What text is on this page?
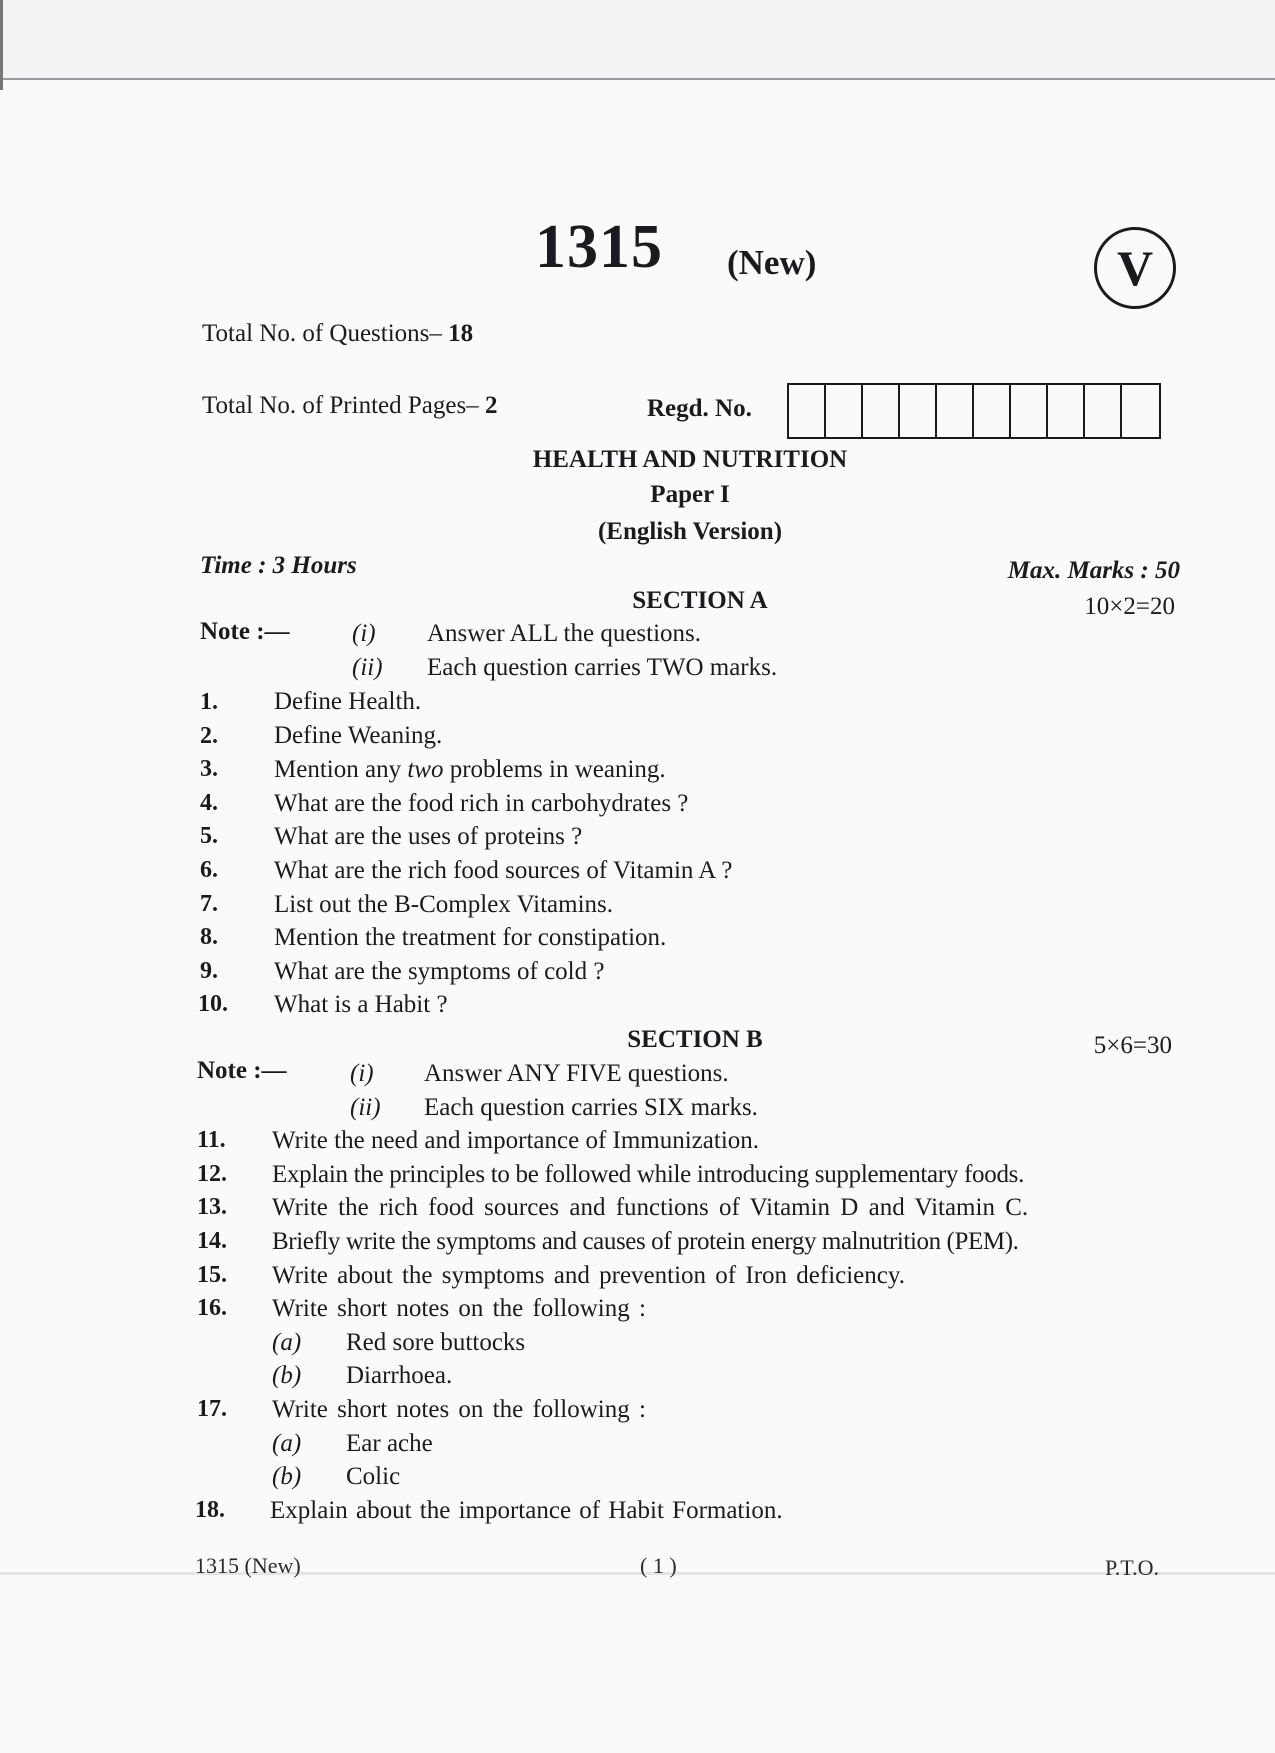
1315 (New)	V
Total No. of Questions– 18
Total No. of Printed Pages– 2	Regd. No.
HEALTH AND NUTRITION
Paper I
(English Version)
Time : 3 Hours	Max. Marks : 50
SECTION A	10×2=20
Note :— (i) Answer ALL the questions.
(ii) Each question carries TWO marks.
1. Define Health.
2. Define Weaning.
3. Mention any two problems in weaning.
4. What are the food rich in carbohydrates ?
5. What are the uses of proteins ?
6. What are the rich food sources of Vitamin A ?
7. List out the B-Complex Vitamins.
8. Mention the treatment for constipation.
9. What are the symptoms of cold ?
10. What is a Habit ?
SECTION B	5×6=30
Note :—	(i) Answer ANY FIVE questions.
(ii) Each question carries SIX marks.
11. Write the need and importance of Immunization.
12. Explain the principles to be followed while introducing supplementary foods.
13. Write the rich food sources and functions of Vitamin D and Vitamin C.
14. Briefly write the symptoms and causes of protein energy malnutrition (PEM).
15. Write about the symptoms and prevention of Iron deficiency.
16. Write short notes on the following :
(a) Red sore buttocks
(b) Diarrhoea.
17. Write short notes on the following :
(a) Ear ache
(b) Colic
18. Explain about the importance of Habit Formation.
1315 (New)	( 1 )	P.T.O.
